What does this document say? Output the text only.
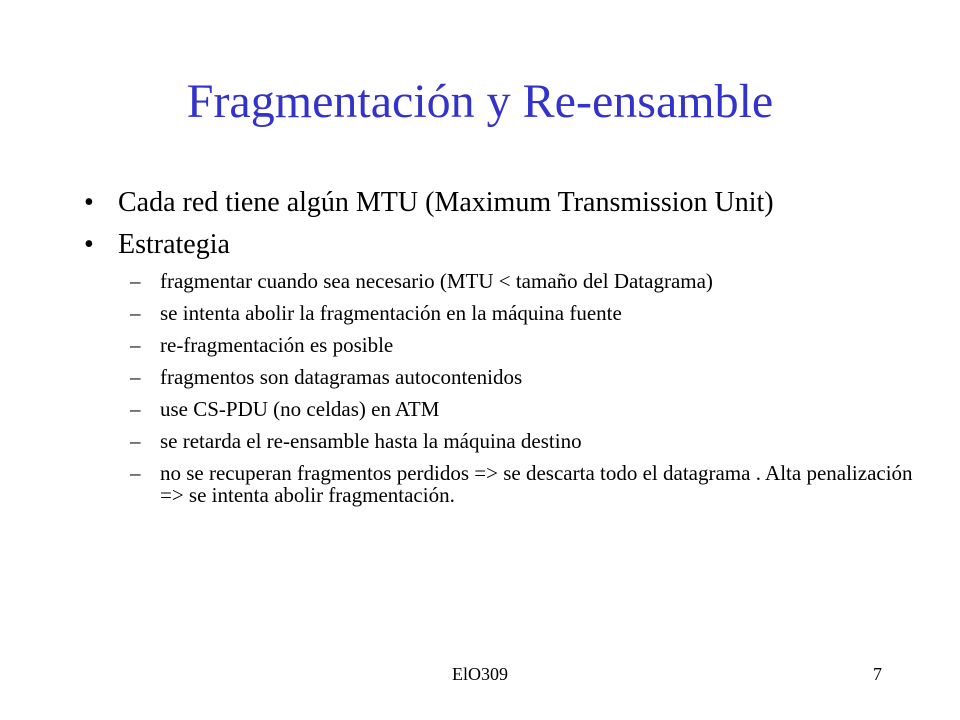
Fragmentación y Re-ensamble
• Cada red tiene algún MTU (Maximum Transmission Unit)
• Estrategia
– fragmentar cuando sea necesario (MTU < tamaño del Datagrama)
– se intenta abolir la fragmentación en la máquina fuente
– re-fragmentación es posible
– fragmentos son datagramas autocontenidos
– use CS-PDU (no celdas) en ATM
– se retarda el re-ensamble hasta la máquina destino
– no se recuperan fragmentos perdidos => se descarta todo el datagrama . Alta penalización => se intenta abolir fragmentación.
ElO309	7
